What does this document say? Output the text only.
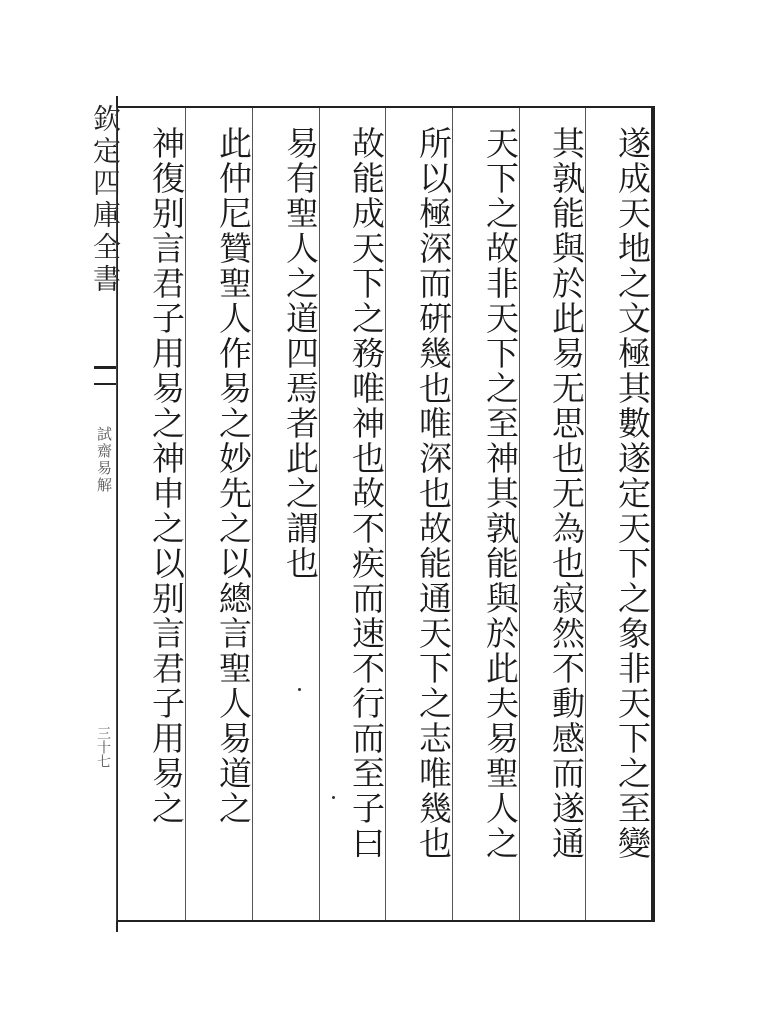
欽定四庫全書
試齋易解
三十七	遂成天地之文極其數遂定天下之象非天下之至變
其孰能與於此易无思也无為也寂然不動感而遂通
天下之故非天下之至神其孰能與於此夫易聖人之
所以極深而硏幾也唯深也故能通天下之志唯幾也
故能成天下之務唯神也故不疾而速不行而至子曰
易有聖人之道四焉者此之謂也
此仲尼贊聖人作易之妙先之以總言聖人易道之
神復别言君子用易之神申之以别言君子用易之
